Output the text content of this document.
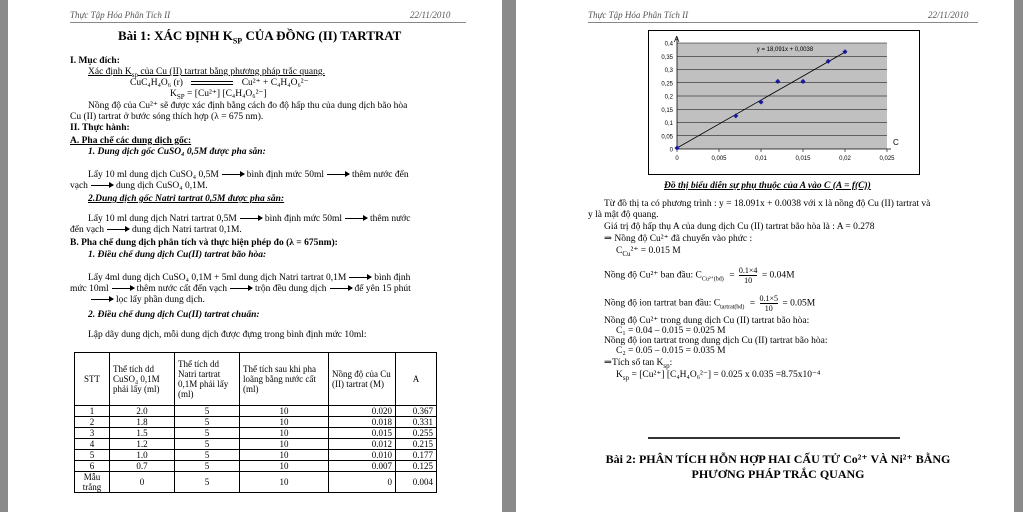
Thực Tập Hóa Phân Tích II	22/11/2010
Bài 1: XÁC ĐỊNH $K_{SP}$ CỦA ĐỒNG (II) TARTRAT
I. Mục đích:
Xác định $K_{sp}$ của Cu (II) tartrat bằng phương pháp trắc quang.
CuC₄H₄O₆ (r)	Cu²⁺ + C₄H₄O₆²⁻
$K_{SP} = [Cu^{2+}]$ [C₄H₄O₆²⁻]
Nồng độ của Cu²⁺ sẽ được xác định bằng cách đo độ hấp thu của dung dịch bão hòa
Cu (II) tartrat ở bước sóng thích hợp (λ = 675 nm).
II. Thực hành:
A. Pha chế các dung dịch gốc:
1. Dung dịch gốc CuSO₄ 0,5M được pha sẵn:
Lấy 10 ml dung dịch CuSO₄ 0,5M	bình định mức 50ml	thêm nước đến
vạch	dung dịch CuSO₄ 0,1M.
2.Dung dịch gốc Natri tartrat 0,5M được pha sẵn:
Lấy 10 ml dung dịch Natri tartrat 0,5M	bình định mức 50ml	thêm nước
đến vạch	dung dịch Natri tartrat 0,1M.
B. Pha chế dung dịch phân tích và thực hiện phép đo (λ = 675nm):
1. Điều chế dung dịch Cu(II) tartrat bão hòa:
Lấy 4ml dung dịch CuSO₄ 0,1M + 5ml dung dịch Natri tartrat 0,1M	bình định
mức 10ml	thêm nước cất đến vạch	trộn đều dung dịch	để yên 15 phút
lọc lấy phần dung dịch.
2. Điều chế dung dịch Cu(II) tartrat chuẩn:
Lập dãy dung dịch, mỗi dung dịch được đựng trong bình định mức 10ml:
STT	Thể tích dd CuSO₄ 0,1M phải lấy (ml)	Thể tích dd Natri tartrat 0,1M phải lấy (ml)	Thể tích sau khi pha loãng bằng nước cất (ml)	Nồng độ của Cu (II) tartrat (M)	A
1	2.0	5	10	0.020	0.367
2	1.8	5	10	0.018	0.331
3	1.5	5	10	0.015	0.255
4	1.2	5	10	0.012	0.215
5	1.0	5	10	0.010	0.177
6	0.7	5	10	0.007	0.125
Mẫu trắng	0	5	10	0	0.004
Thực Tập Hóa Phân Tích II	22/11/2010
0
0,05
0,1
0,15
0,2
0,25
0,3
0,35
0,4
0	0,005	0,01	0,015	0,02	0,025
A
C
y = 18,091x + 0,0038
Đồ thị biểu diễn sự phụ thuộc của A vào C (A = f(C))
Từ đồ thị ta có phương trình : y = 18.091x + 0.0038 với x là nồng độ Cu (II) tartrat và
y là mật độ quang.
Giá trị độ hấp thụ A của dung dịch Cu (II) tartrat bão hòa là : A = 0.278
⇒ Nồng độ Cu²⁺ đã chuyển vào phức :
$C_{Cu}^{2+} = 0.015$ M
Nồng độ Cu²⁺ ban đầu: $C_{Cu^{2+}(bd)} = \frac{0.1\times 4}{10} = 0.04M$
Nồng độ ion tartrat ban đầu: $C_{tartrat(bd)} = \frac{0.1\times 5}{10} = 0.05M$
Nồng độ Cu²⁺ trong dung dịch Cu (II) tartrat bão hòa:
C₁ = 0.04 – 0.015 = 0.025 M
Nồng độ ion tartrat trong dung dịch Cu (II) tartrat bão hòa:
C₂ = 0.05 – 0.015 = 0.035 M
⇒Tích số $\tan K_{sp}$:
$K_{sp} = [Cu^{2+}] [C_4H_4O_6^{2-}] = 0.025$ x 0.035 =8.75x10⁻⁴
Bài 2: PHÂN TÍCH HỖN HỢP HAI CẤU TỬ Co²⁺ VÀ Ni²⁺ BẰNG
PHƯƠNG PHÁP TRẮC QUANG
